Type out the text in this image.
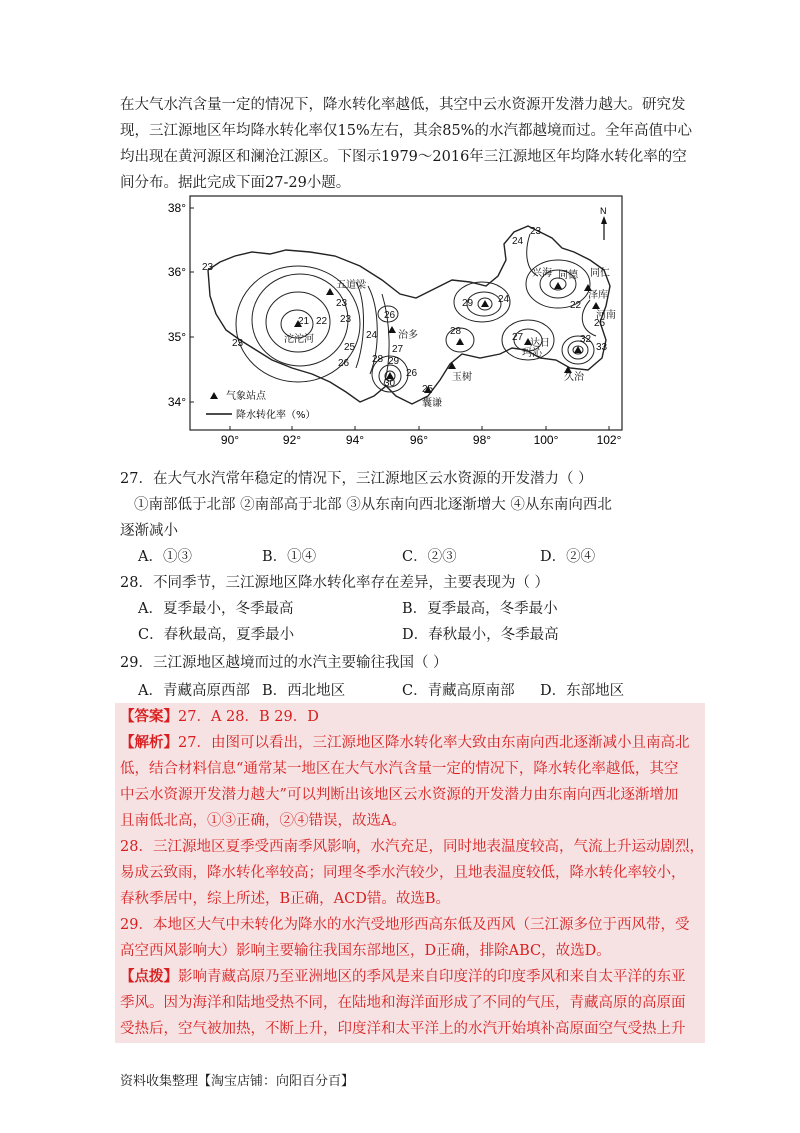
在大气水汽含量一定的情况下，降水转化率越低，其空中云水资源开发潜力越大。研究发
现，三江源地区年均降水转化率仅15%左右，其余85%的水汽都越境而过。全年高值中心
均出现在黄河源区和澜沧江源区。下图示1979～2016年三江源地区年均降水转化率的空
间分布。据此完成下面27-29小题。
38°
36°
35°
34°
90°	92°	94°	96°	98°	100°	102°
五道梁
沱沱河	治多
玛沁
玉树
囊谦
兴海 同德 同仁
泽库
河南
达日
久治
23
23
23
21 22 23
25
24
26
26
27
28 29
30
26
25
28
29 24
27
22
25
32
33
23
24
N
气象站点
降水转化率（%）
27．在大气水汽常年稳定的情况下，三江源地区云水资源的开发潜力（ ）
①南部低于北部 ②南部高于北部 ③从东南向西北逐渐增大 ④从东南向西北
逐渐减小
A．①③	B．①④	C．②③	D．②④
28．不同季节，三江源地区降水转化率存在差异，主要表现为（ ）
A．夏季最小，冬季最高	B．夏季最高，冬季最小
C．春秋最高，夏季最小	D．春秋最小，冬季最高
29．三江源地区越境而过的水汽主要输往我国（ ）
A．青藏高原西部 B．西北地区	C．青藏高原南部 D．东部地区
【答案】27．A 28．B 29．D
【解析】27．由图可以看出，三江源地区降水转化率大致由东南向西北逐渐减小且南高北
低，结合材料信息“通常某一地区在大气水汽含量一定的情况下，降水转化率越低，其空
中云水资源开发潜力越大”可以判断出该地区云水资源的开发潜力由东南向西北逐渐增加
且南低北高，①③正确，②④错误，故选A。
28．三江源地区夏季受西南季风影响，水汽充足，同时地表温度较高，气流上升运动剧烈，
易成云致雨，降水转化率较高；同理冬季水汽较少，且地表温度较低，降水转化率较小，
春秋季居中，综上所述，B正确，ACD错。故选B。
29．本地区大气中未转化为降水的水汽受地形西高东低及西风（三江源多位于西风带，受
高空西风影响大）影响主要输往我国东部地区，D正确，排除ABC，故选D。
【点拨】影响青藏高原乃至亚洲地区的季风是来自印度洋的印度季风和来自太平洋的东亚
季风。因为海洋和陆地受热不同，在陆地和海洋面形成了不同的气压，青藏高原的高原面
受热后，空气被加热，不断上升，印度洋和太平洋上的水汽开始填补高原面空气受热上升
资料收集整理【淘宝店铺：向阳百分百】
